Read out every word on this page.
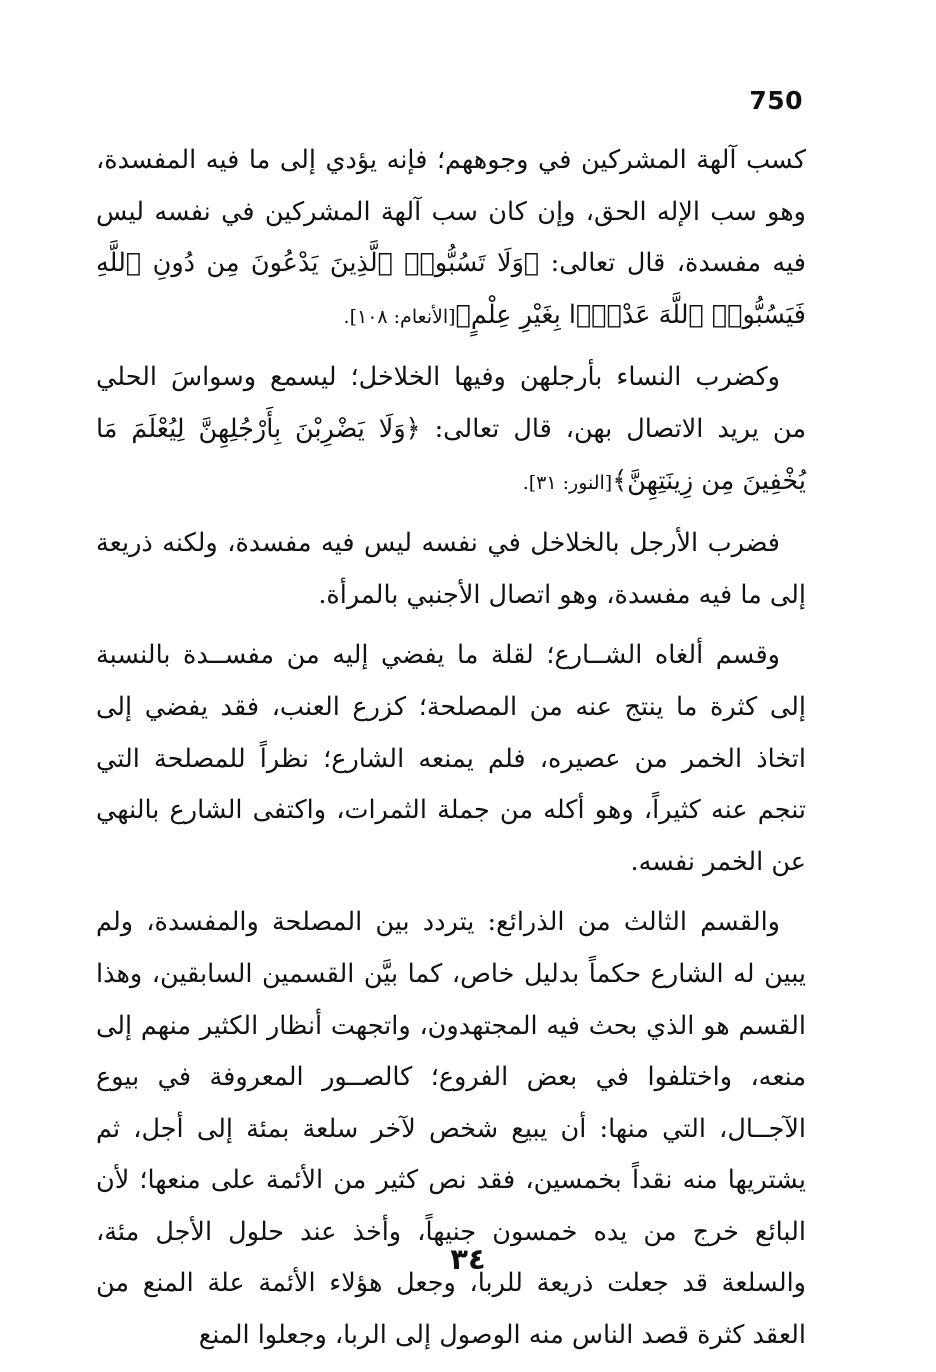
750

كسب آلهة المشركين في وجوههم؛ فإنه يؤدي إلى ما فيه المفسدة، وهو سب الإله الحق، وإن كان سب آلهة المشركين في نفسه ليس فيه مفسدة، قال تعالى: ﴿وَلَا تَسُبُّوا۟ ٱلَّذِينَ يَدْعُونَ مِن دُونِ ٱللَّهِ فَيَسُبُّوا۟ ٱللَّهَ عَدْوًۢا بِغَيْرِ عِلْمٍ﴾[الأنعام: ١٠٨].

وكضرب النساء بأرجلهن وفيها الخلاخل؛ ليسمع وسواسَ الحلي من يريد الاتصال بهن، قال تعالى: ﴿وَلَا يَضْرِبْنَ بِأَرْجُلِهِنَّ لِيُعْلَمَ مَا يُخْفِينَ مِن زِينَتِهِنَّ﴾[النور: ٣١].

فضرب الأرجل بالخلاخل في نفسه ليس فيه مفسدة، ولكنه ذريعة إلى ما فيه مفسدة، وهو اتصال الأجنبي بالمرأة.

وقسم ألغاه الشــارع؛ لقلة ما يفضي إليه من مفســدة بالنسبة إلى كثرة ما ينتج عنه من المصلحة؛ كزرع العنب، فقد يفضي إلى اتخاذ الخمر من عصيره، فلم يمنعه الشارع؛ نظراً للمصلحة التي تنجم عنه كثيراً، وهو أكله من جملة الثمرات، واكتفى الشارع بالنهي عن الخمر نفسه.

والقسم الثالث من الذرائع: يتردد بين المصلحة والمفسدة، ولم يبين له الشارع حكماً بدليل خاص، كما بيَّن القسمين السابقين، وهذا القسم هو الذي بحث فيه المجتهدون، واتجهت أنظار الكثير منهم إلى منعه، واختلفوا في بعض الفروع؛ كالصــور المعروفة في بيوع الآجــال، التي منها: أن يبيع شخص لآخر سلعة بمئة إلى أجل، ثم يشتريها منه نقداً بخمسين، فقد نص كثير من الأئمة على منعها؛ لأن البائع خرج من يده خمسون جنيهاً، وأخذ عند حلول الأجل مئة، والسلعة قد جعلت ذريعة للربا، وجعل هؤلاء الأئمة علة المنع من العقد كثرة قصد الناس منه الوصول إلى الربا، وجعلوا المنع

٣٤
